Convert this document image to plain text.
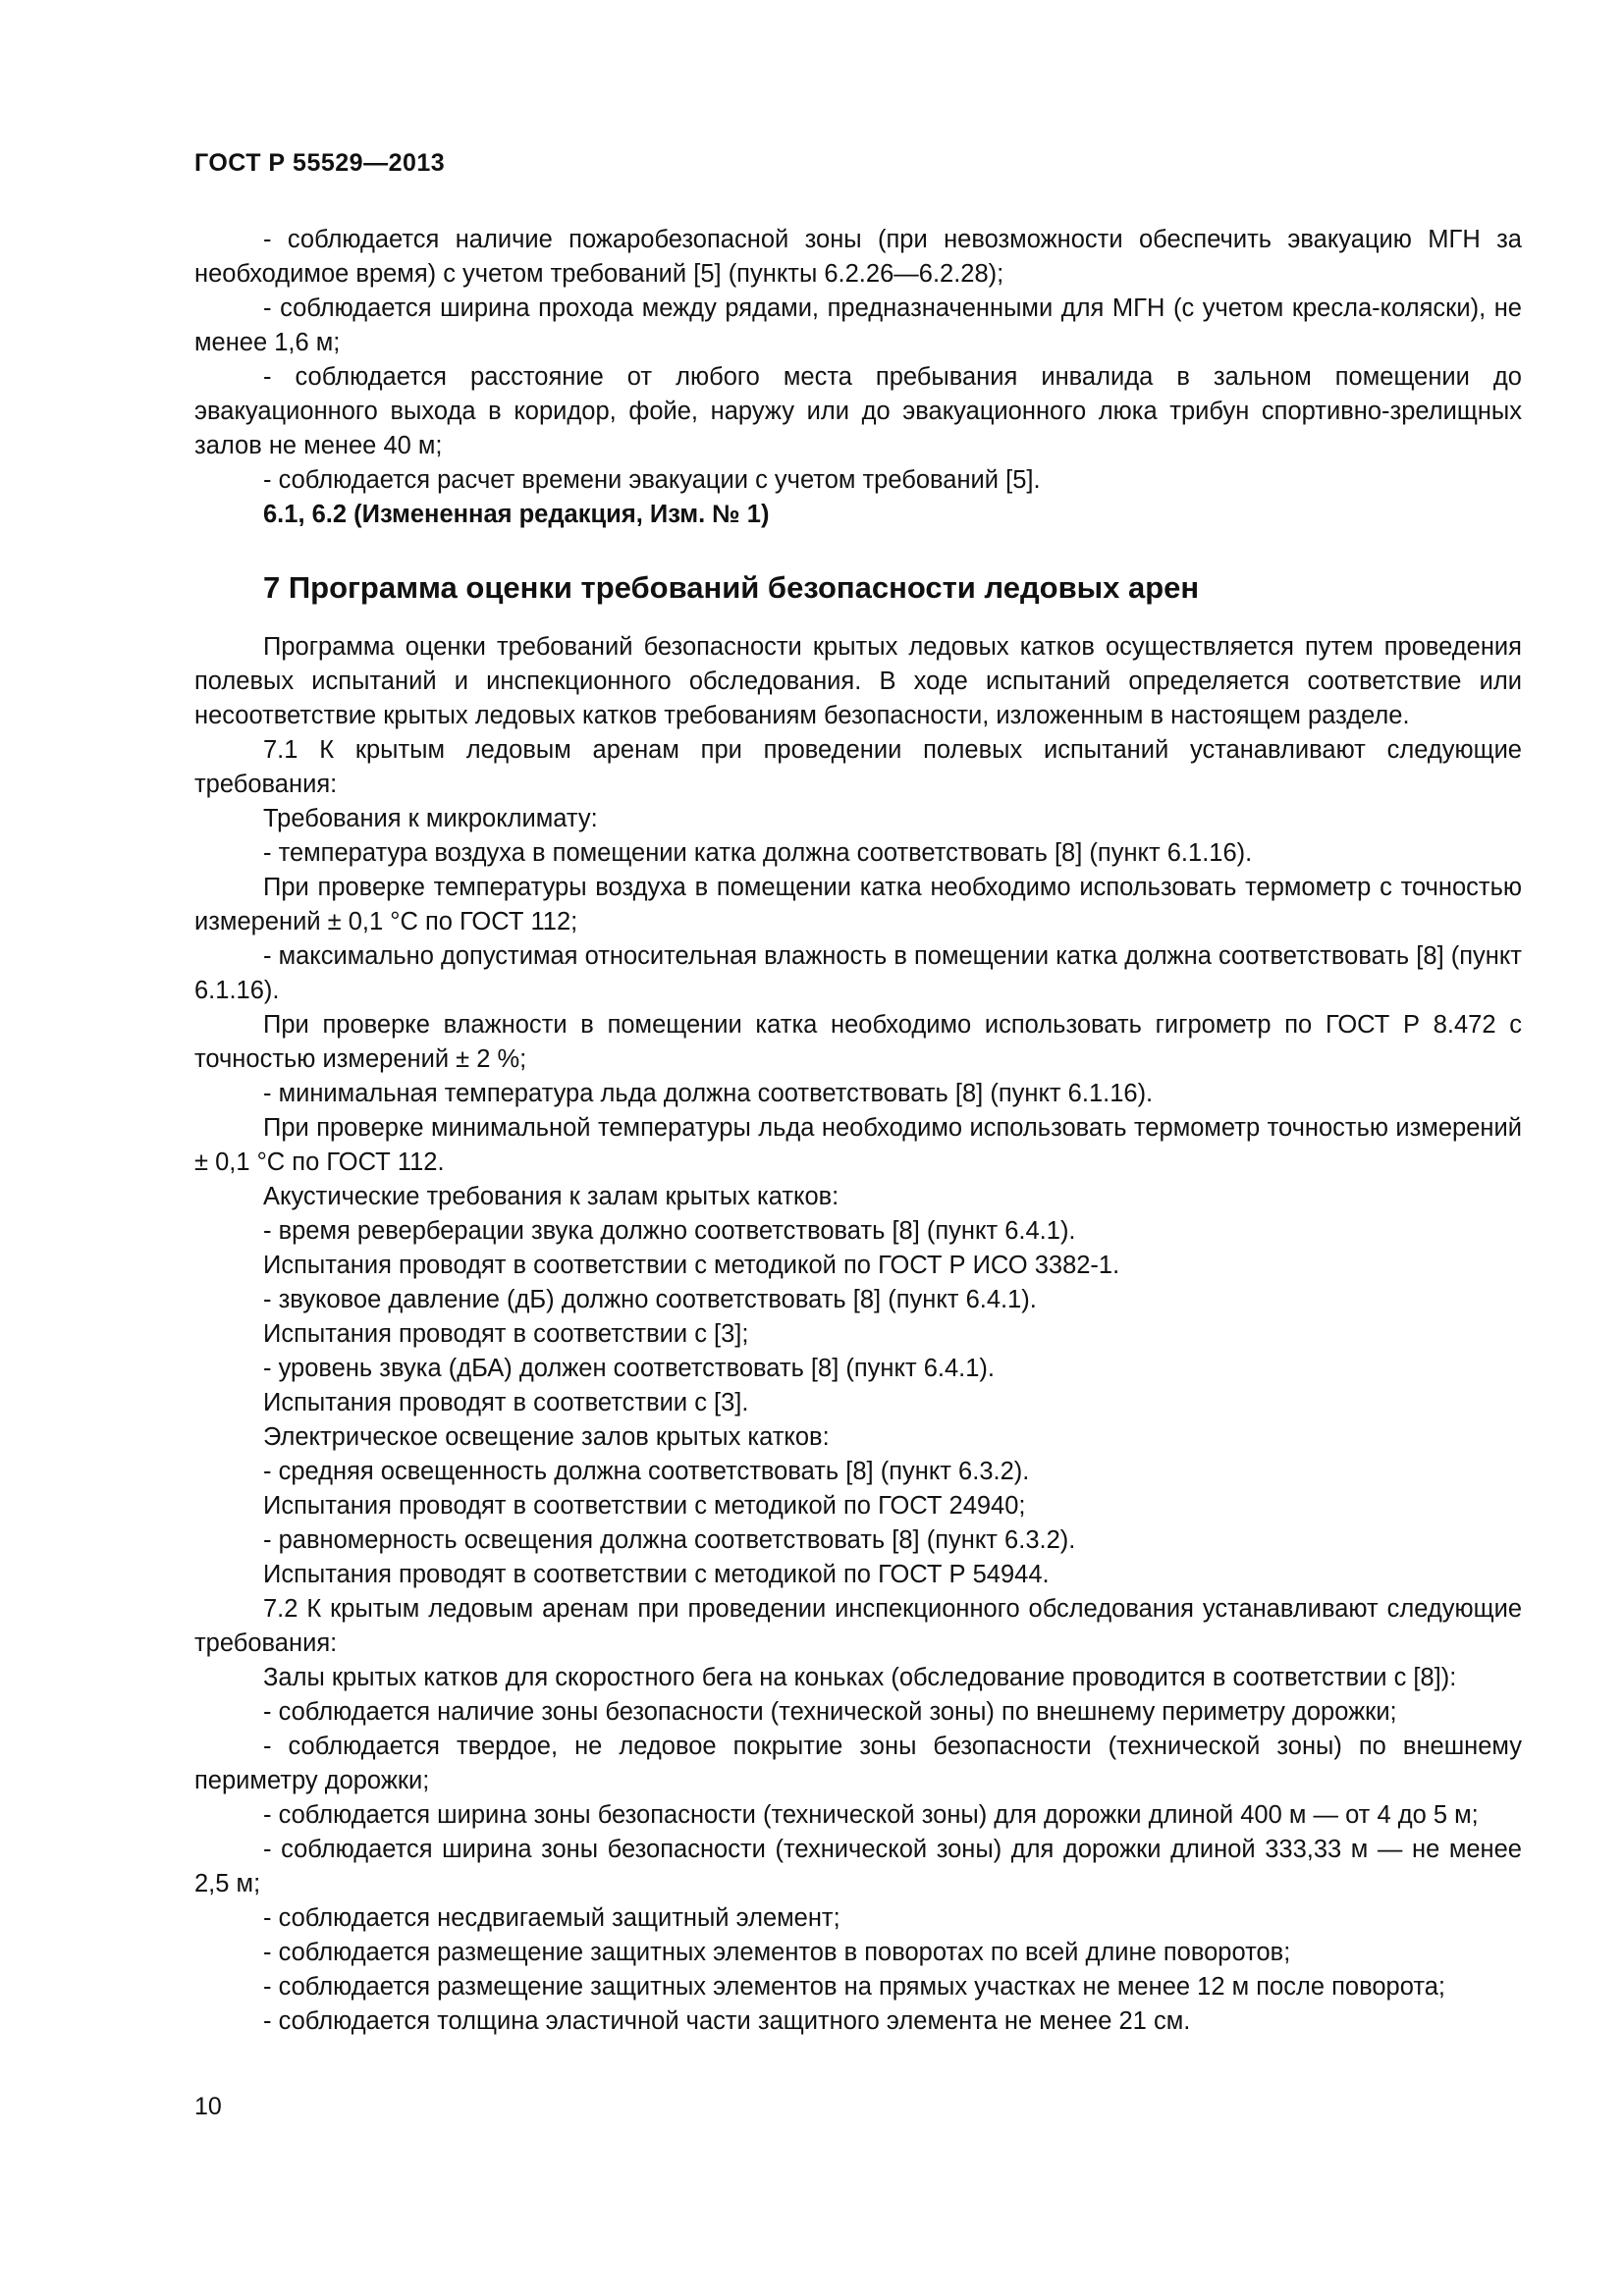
ГОСТ Р 55529—2013

- соблюдается наличие пожаробезопасной зоны (при невозможности обеспечить эвакуацию МГН за необходимое время) с учетом требований [5] (пункты 6.2.26—6.2.28);

- соблюдается ширина прохода между рядами, предназначенными для МГН (с учетом кресла-коляски), не менее 1,6 м;

- соблюдается расстояние от любого места пребывания инвалида в зальном помещении до эвакуационного выхода в коридор, фойе, наружу или до эвакуационного люка трибун спортивно-зрелищных залов не менее 40 м;

- соблюдается расчет времени эвакуации с учетом требований [5].

6.1, 6.2 (Измененная редакция, Изм. № 1)

7 Программа оценки требований безопасности ледовых арен

Программа оценки требований безопасности крытых ледовых катков осуществляется путем проведения полевых испытаний и инспекционного обследования. В ходе испытаний определяется соответствие или несоответствие крытых ледовых катков требованиям безопасности, изложенным в настоящем разделе.

7.1 К крытым ледовым аренам при проведении полевых испытаний устанавливают следующие требования:

Требования к микроклимату:

- температура воздуха в помещении катка должна соответствовать [8] (пункт 6.1.16).

При проверке температуры воздуха в помещении катка необходимо использовать термометр с точностью измерений ± 0,1 °С по ГОСТ 112;

- максимально допустимая относительная влажность в помещении катка должна соответствовать [8] (пункт 6.1.16).

При проверке влажности в помещении катка необходимо использовать гигрометр по ГОСТ Р 8.472 с точностью измерений ± 2 %;

- минимальная температура льда должна соответствовать [8] (пункт 6.1.16).

При проверке минимальной температуры льда необходимо использовать термометр точностью измерений ± 0,1 °С по ГОСТ 112.

Акустические требования к залам крытых катков:

- время реверберации звука должно соответствовать [8] (пункт 6.4.1).

Испытания проводят в соответствии с методикой по ГОСТ Р ИСО 3382-1.

- звуковое давление (дБ) должно соответствовать [8] (пункт 6.4.1).

Испытания проводят в соответствии с [3];

- уровень звука (дБА) должен соответствовать [8] (пункт 6.4.1).

Испытания проводят в соответствии с [3].

Электрическое освещение залов крытых катков:

- средняя освещенность должна соответствовать [8] (пункт 6.3.2).

Испытания проводят в соответствии с методикой по ГОСТ 24940;

- равномерность освещения должна соответствовать [8] (пункт 6.3.2).

Испытания проводят в соответствии с методикой по ГОСТ Р 54944.

7.2 К крытым ледовым аренам при проведении инспекционного обследования устанавливают следующие требования:

Залы крытых катков для скоростного бега на коньках (обследование проводится в соответствии с [8]):

- соблюдается наличие зоны безопасности (технической зоны) по внешнему периметру дорожки;

- соблюдается твердое, не ледовое покрытие зоны безопасности (технической зоны) по внешнему периметру дорожки;

- соблюдается ширина зоны безопасности (технической зоны) для дорожки длиной 400 м — от 4 до 5 м;

- соблюдается ширина зоны безопасности (технической зоны) для дорожки длиной 333,33 м — не менее 2,5 м;

- соблюдается несдвигаемый защитный элемент;

- соблюдается размещение защитных элементов в поворотах по всей длине поворотов;

- соблюдается размещение защитных элементов на прямых участках не менее 12 м после поворота;

- соблюдается толщина эластичной части защитного элемента не менее 21 см.

10
